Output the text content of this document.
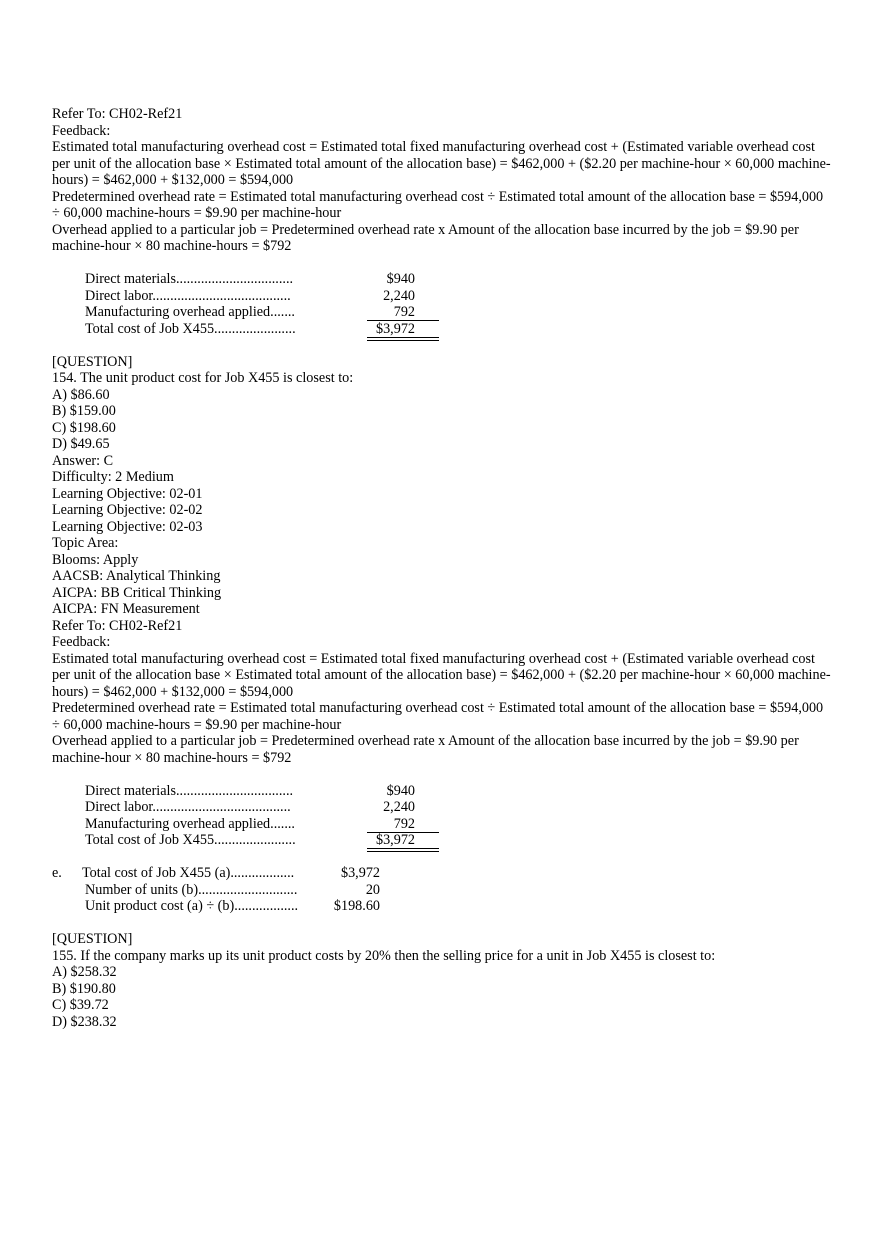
Refer To: CH02-Ref21
Feedback:
Estimated total manufacturing overhead cost = Estimated total fixed manufacturing overhead cost + (Estimated variable overhead cost per unit of the allocation base × Estimated total amount of the allocation base) = $462,000 + ($2.20 per machine-hour × 60,000 machine-hours) = $462,000 + $132,000 = $594,000
Predetermined overhead rate = Estimated total manufacturing overhead cost ÷ Estimated total amount of the allocation base = $594,000 ÷ 60,000 machine-hours = $9.90 per machine-hour
Overhead applied to a particular job = Predetermined overhead rate x Amount of the allocation base incurred by the job = $9.90 per machine-hour × 80 machine-hours = $792
Direct materials.................................	$940
Direct labor.......................................	2,240
Manufacturing overhead applied.......	792
Total cost of Job X455.......................	$3,972
[QUESTION]
154. The unit product cost for Job X455 is closest to:
A) $86.60
B) $159.00
C) $198.60
D) $49.65
Answer: C
Difficulty: 2 Medium
Learning Objective: 02-01
Learning Objective: 02-02
Learning Objective: 02-03
Topic Area:
Blooms: Apply
AACSB: Analytical Thinking
AICPA: BB Critical Thinking
AICPA: FN Measurement
Refer To: CH02-Ref21
Feedback:
Estimated total manufacturing overhead cost = Estimated total fixed manufacturing overhead cost + (Estimated variable overhead cost per unit of the allocation base × Estimated total amount of the allocation base) = $462,000 + ($2.20 per machine-hour × 60,000 machine-hours) = $462,000 + $132,000 = $594,000
Predetermined overhead rate = Estimated total manufacturing overhead cost ÷ Estimated total amount of the allocation base = $594,000 ÷ 60,000 machine-hours = $9.90 per machine-hour
Overhead applied to a particular job = Predetermined overhead rate x Amount of the allocation base incurred by the job = $9.90 per machine-hour × 80 machine-hours = $792
Direct materials.................................	$940
Direct labor.......................................	2,240
Manufacturing overhead applied.......	792
Total cost of Job X455.......................	$3,972
e. Total cost of Job X455 (a)..................	$3,972
Number of units (b)............................	20
Unit product cost (a) ÷ (b)..................	$198.60
[QUESTION]
155. If the company marks up its unit product costs by 20% then the selling price for a unit in Job X455 is closest to:
A) $258.32
B) $190.80
C) $39.72
D) $238.32
